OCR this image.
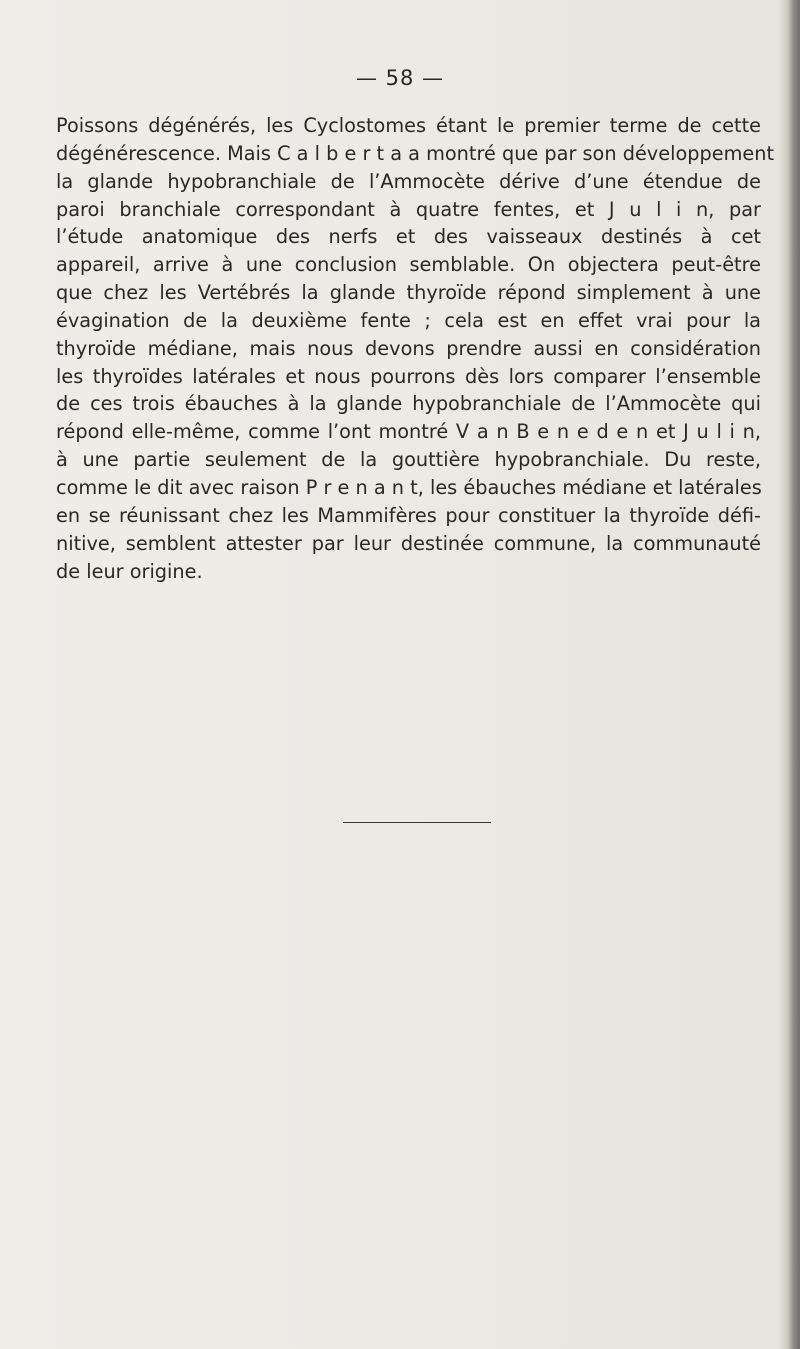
— 58 —
Poissons dégénérés, les Cyclostomes étant le premier terme de cette
dégénérescence. Mais C a l b e r t a a montré que par son développement
la glande hypobranchiale de l’Ammocète dérive d’une étendue de
paroi branchiale correspondant à quatre fentes, et J u l i n, par
l’étude anatomique des nerfs et des vaisseaux destinés à cet
appareil, arrive à une conclusion semblable. On objectera peut-être
que chez les Vertébrés la glande thyroïde répond simplement à une
évagination de la deuxième fente ; cela est en effet vrai pour la
thyroïde médiane, mais nous devons prendre aussi en considération
les thyroïdes latérales et nous pourrons dès lors comparer l’ensemble
de ces trois ébauches à la glande hypobranchiale de l’Ammocète qui
répond elle-même, comme l’ont montré V a n B e n e d e n et J u l i n,
à une partie seulement de la gouttière hypobranchiale. Du reste,
comme le dit avec raison P r e n a n t, les ébauches médiane et latérales
en se réunissant chez les Mammifères pour constituer la thyroïde défi-
nitive, semblent attester par leur destinée commune, la communauté
de leur origine.
